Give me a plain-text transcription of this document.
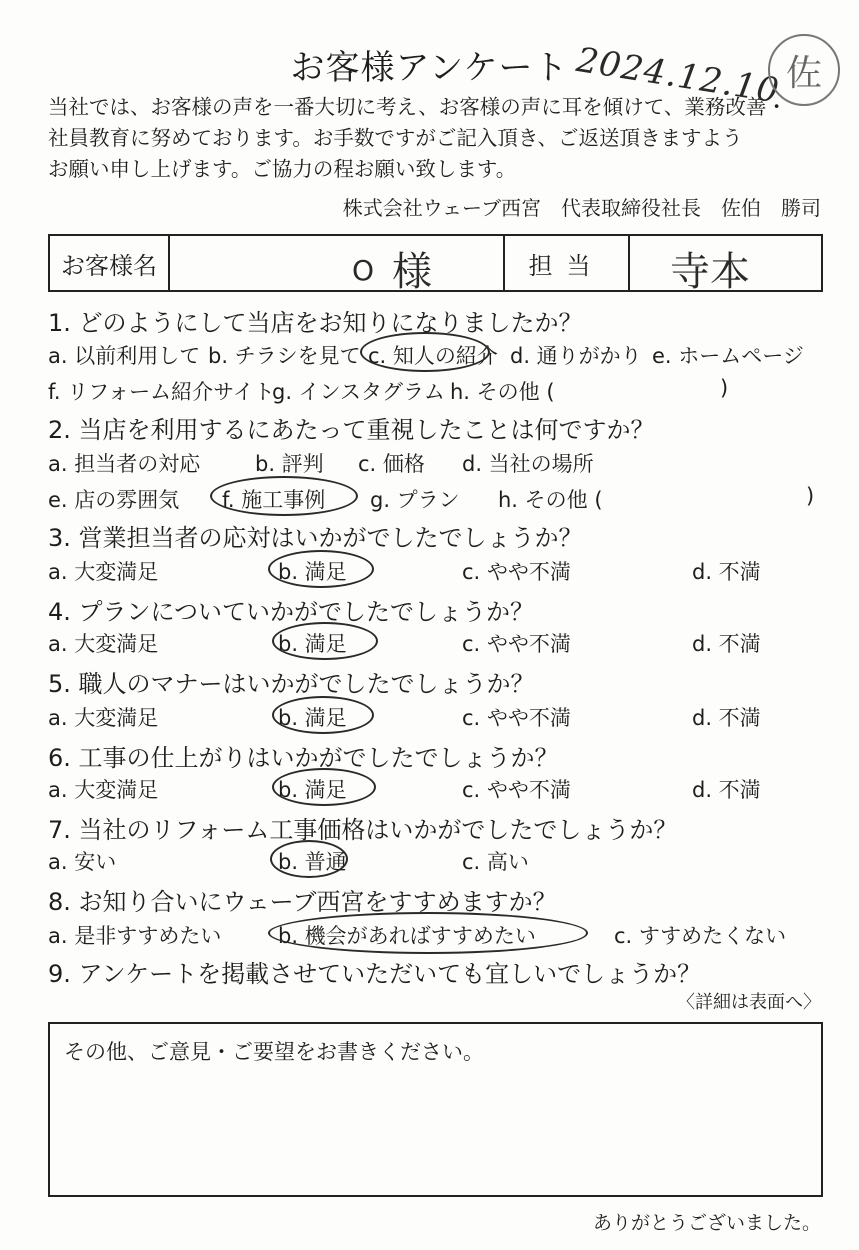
お客様アンケート 2024.12.10 佐
当社では、お客様の声を一番大切に考え、お客様の声に耳を傾けて、業務改善・
社員教育に努めております。お手数ですがご記入頂き、ご返送頂きますよう
お願い申し上げます。ご協力の程お願い致します。
株式会社ウェーブ西宮　代表取締役社長　佐伯　勝司
お客様名	O 様	担当	寺本
1. どのようにして当店をお知りになりましたか？
a. 以前利用して b. チラシを見て c. 知人の紹介 d. 通りがかり e. ホームページ
f. リフォーム紹介サイト
g. インスタグラム h. その他 (	)
2. 当店を利用するにあたって重視したことは何ですか？
a. 担当者の対応	b. 評判 c. 価格 d. 当社の場所
e. 店の雰囲気 f. 施工事例 g. プラン h. その他 (	)
3. 営業担当者の応対はいかがでしたでしょうか？
a. 大変満足	b. 満足	c. やや不満	d. 不満
4. プランについていかがでしたでしょうか？
a. 大変満足	b. 満足	c. やや不満	d. 不満
5. 職人のマナーはいかがでしたでしょうか？
a. 大変満足	b. 満足	c. やや不満	d. 不満
6. 工事の仕上がりはいかがでしたでしょうか？
a. 大変満足	b. 満足	c. やや不満	d. 不満
7. 当社のリフォーム工事価格はいかがでしたでしょうか？
a. 安い	b. 普通	c. 高い
8. お知り合いにウェーブ西宮をすすめますか？
a. 是非すすめたい	b. 機会があればすすめたい	c. すすめたくない
9. アンケートを掲載させていただいても宜しいでしょうか？
〈詳細は表面へ〉
その他、ご意見・ご要望をお書きください。
ありがとうございました。
